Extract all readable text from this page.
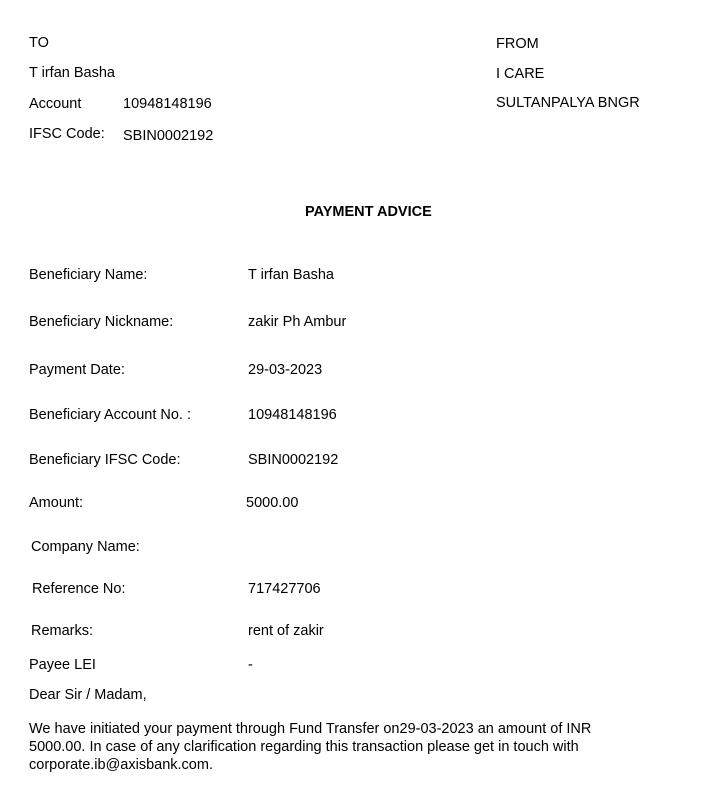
TO
T irfan Basha
Account	10948148196
IFSC Code: SBIN0002192
FROM
I CARE
SULTANPALYA BNGR
PAYMENT ADVICE
Beneficiary Name:	T irfan Basha
Beneficiary Nickname:	zakir Ph Ambur
Payment Date:	29-03-2023
Beneficiary Account No. :	10948148196
Beneficiary IFSC Code:	SBIN0002192
Amount:	5000.00
Company Name:
Reference No:	717427706
Remarks:	rent of zakir
Payee LEI	-
Dear Sir / Madam,
We have initiated your payment through Fund Transfer on29-03-2023 an amount of INR 5000.00. In case of any clarification regarding this transaction please get in touch with corporate.ib@axisbank.com.
